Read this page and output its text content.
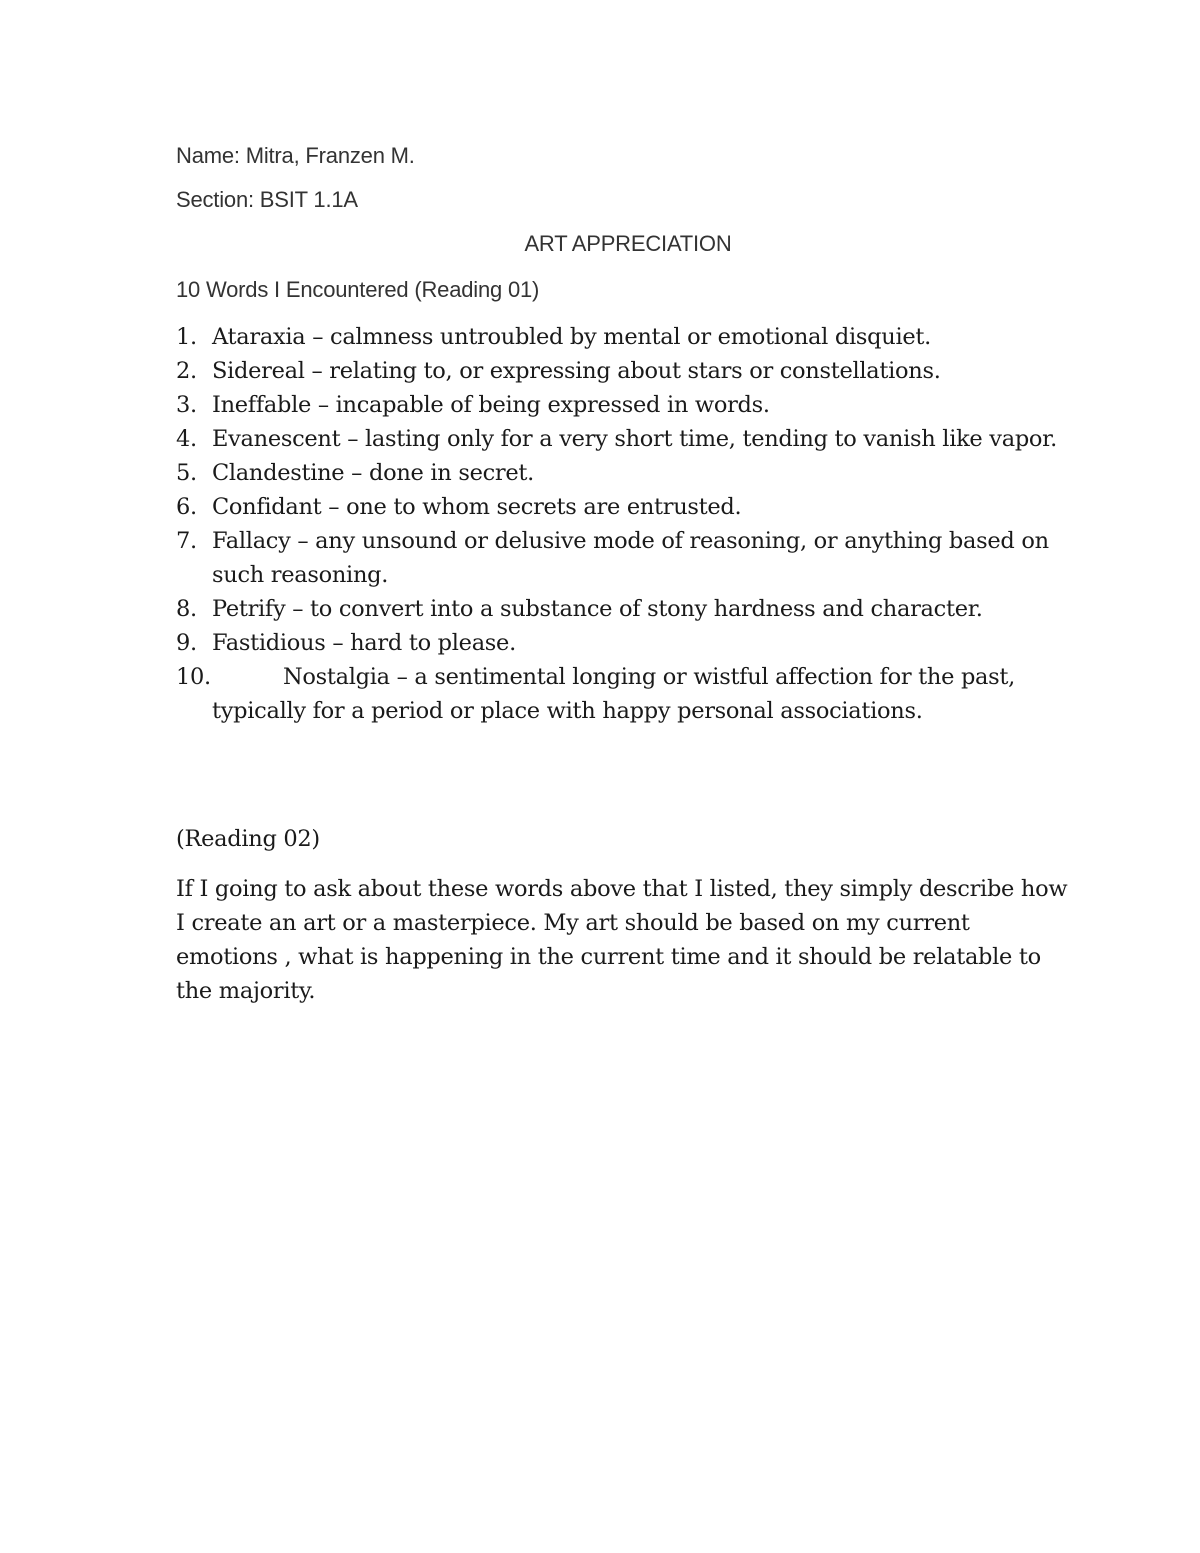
Name: Mitra, Franzen M.
Section: BSIT 1.1A
ART APPRECIATION
10 Words I Encountered (Reading 01)
1. Ataraxia – calmness untroubled by mental or emotional disquiet.
2. Sidereal – relating to, or expressing about stars or constellations.
3. Ineffable – incapable of being expressed in words.
4. Evanescent – lasting only for a very short time, tending to vanish like vapor.
5. Clandestine – done in secret.
6. Confidant – one to whom secrets are entrusted.
7. Fallacy – any unsound or delusive mode of reasoning, or anything based on such reasoning.
8. Petrify – to convert into a substance of stony hardness and character.
9. Fastidious – hard to please.
10.	Nostalgia – a sentimental longing or wistful affection for the past, typically for a period or place with happy personal associations.
(Reading 02)

If I going to ask about these words above that I listed, they simply describe how I create an art or a masterpiece. My art should be based on my current emotions , what is happening in the current time and it should be relatable to the majority.
